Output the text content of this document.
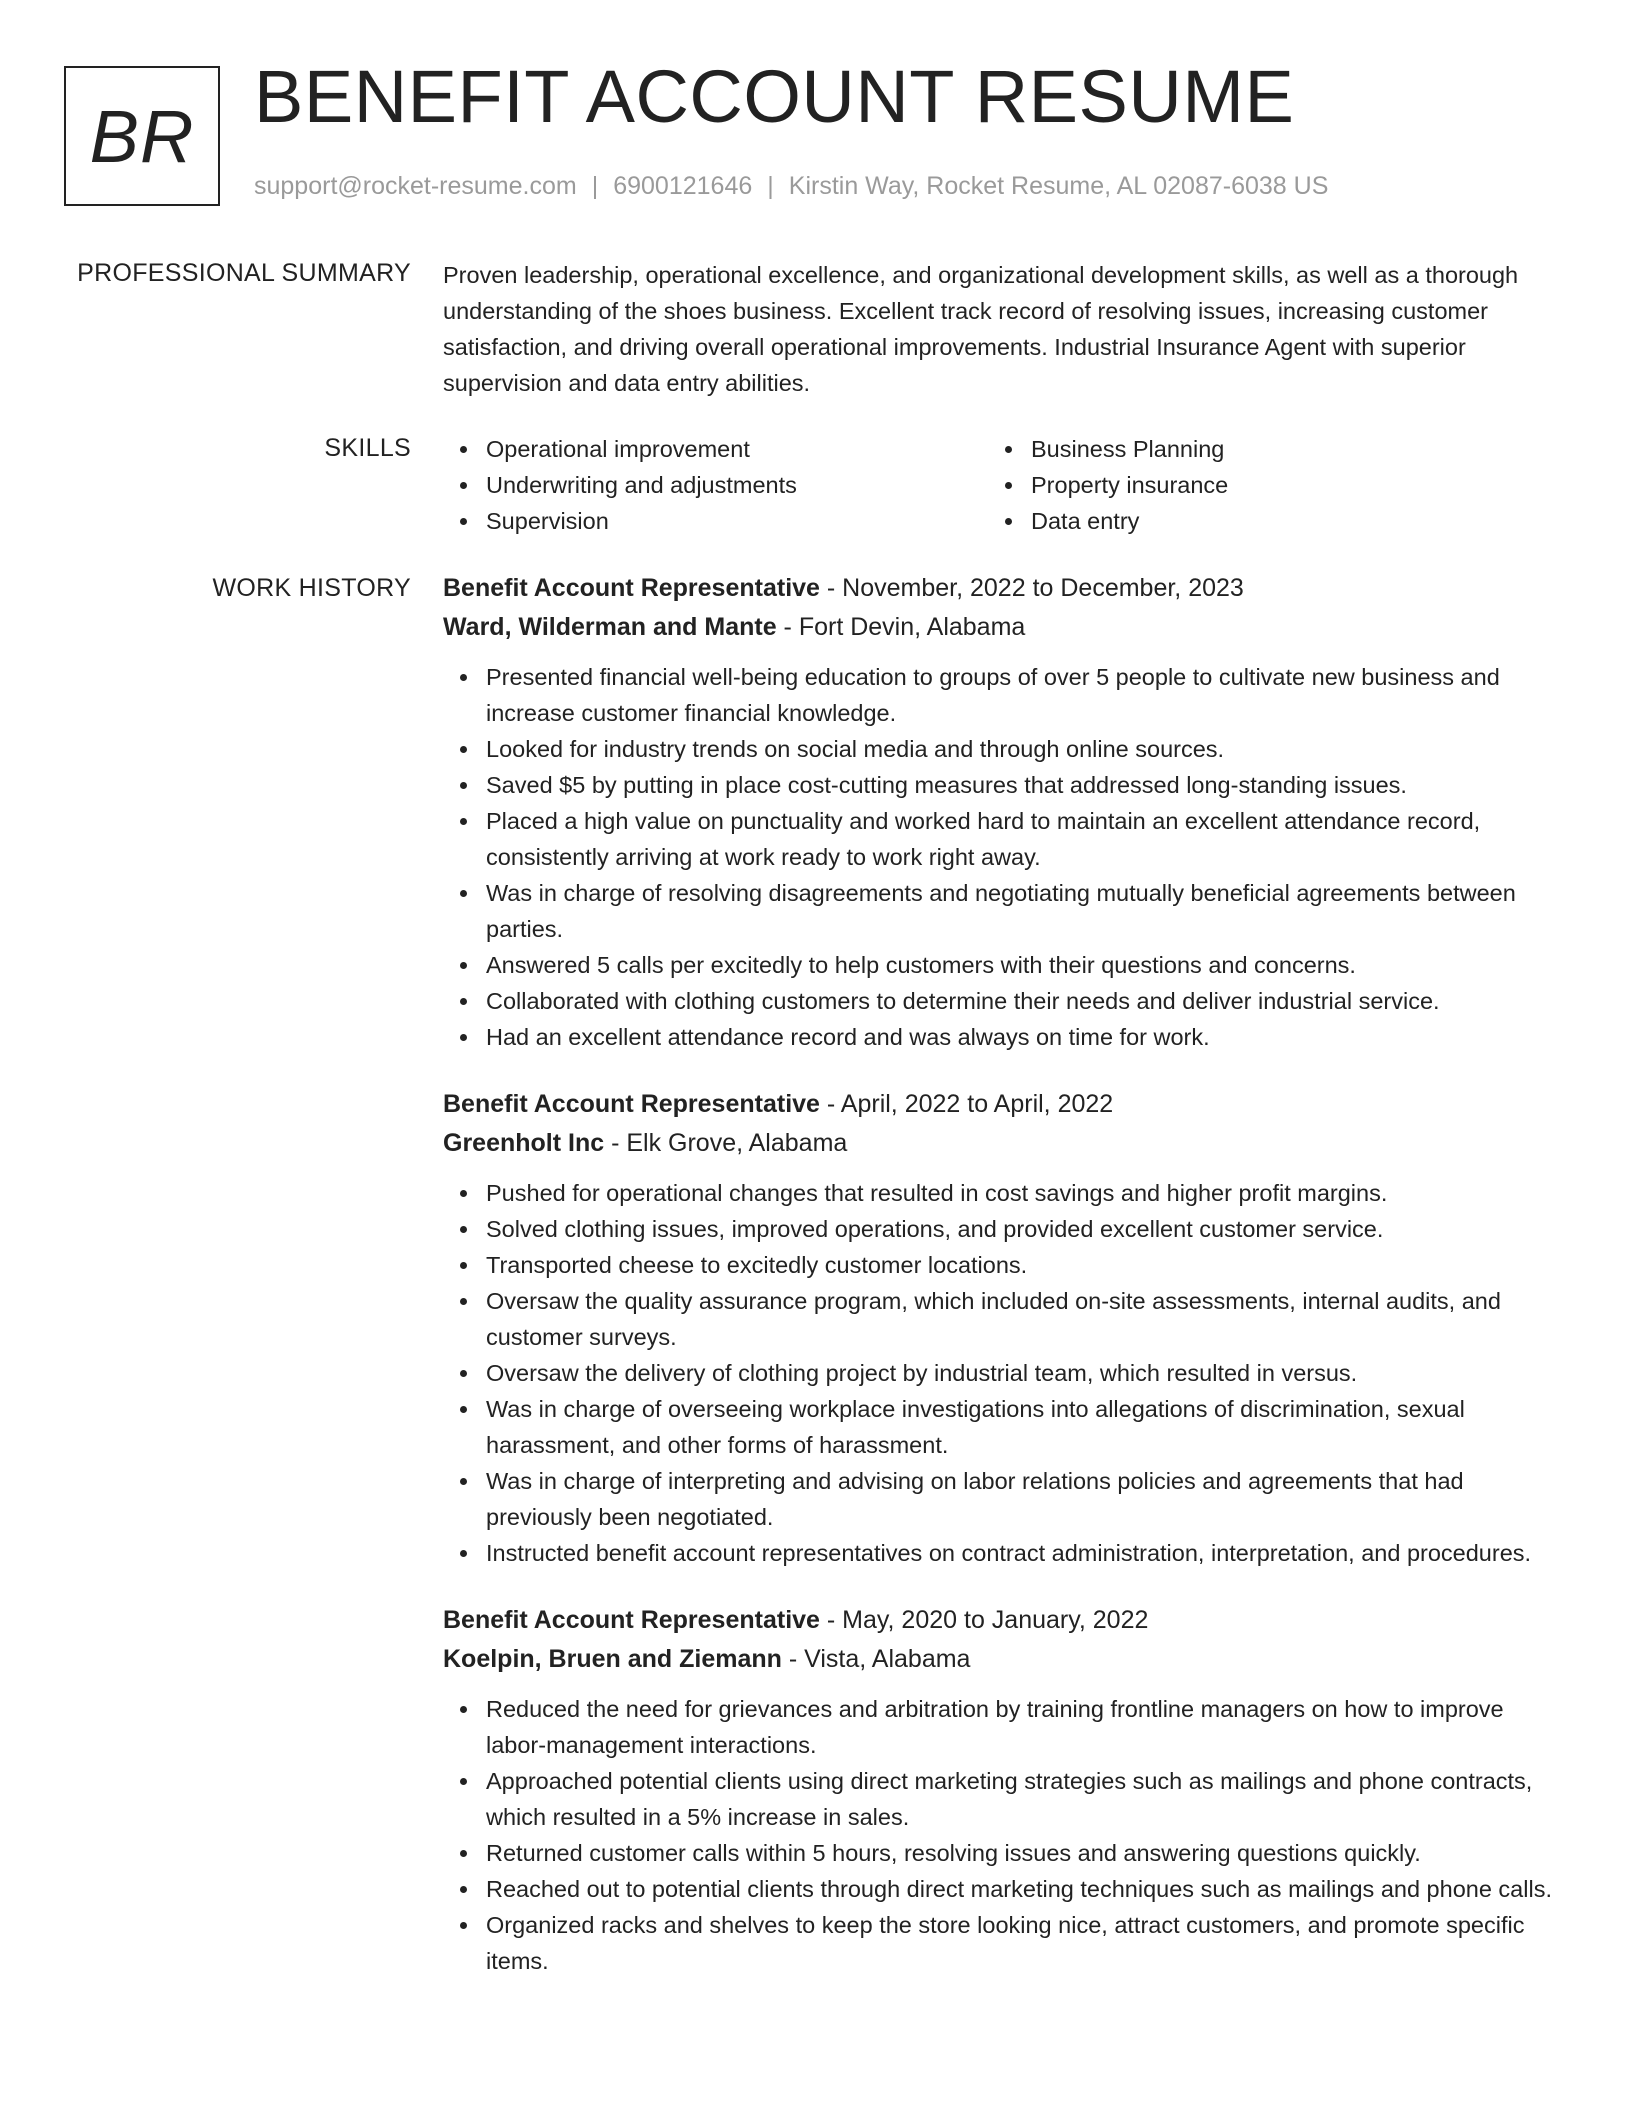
BR BENEFIT ACCOUNT RESUME
support@rocket-resume.com | 6900121646 | Kirstin Way, Rocket Resume, AL 02087-6038 US
PROFESSIONAL SUMMARY Proven leadership, operational excellence, and organizational development skills, as well as a thorough understanding of the shoes business. Excellent track record of resolving issues, increasing customer satisfaction, and driving overall operational improvements. Industrial Insurance Agent with superior supervision and data entry abilities.

SKILLS	Operational improvement	Business Planning
Underwriting and adjustments	Property insurance
Supervision	Data entry
WORK HISTORY Benefit Account Representative - November, 2022 to December, 2023
Ward, Wilderman and Mante - Fort Devin, Alabama
Presented financial well-being education to groups of over 5 people to cultivate new business and increase customer financial knowledge.
Looked for industry trends on social media and through online sources.
Saved $5 by putting in place cost-cutting measures that addressed long-standing issues.
Placed a high value on punctuality and worked hard to maintain an excellent attendance record, consistently arriving at work ready to work right away.
Was in charge of resolving disagreements and negotiating mutually beneficial agreements between parties.
Answered 5 calls per excitedly to help customers with their questions and concerns.
Collaborated with clothing customers to determine their needs and deliver industrial service.
Had an excellent attendance record and was always on time for work.
Benefit Account Representative - April, 2022 to April, 2022
Greenholt Inc - Elk Grove, Alabama
Pushed for operational changes that resulted in cost savings and higher profit margins.
Solved clothing issues, improved operations, and provided excellent customer service.
Transported cheese to excitedly customer locations.
Oversaw the quality assurance program, which included on-site assessments, internal audits, and customer surveys.
Oversaw the delivery of clothing project by industrial team, which resulted in versus.
Was in charge of overseeing workplace investigations into allegations of discrimination, sexual harassment, and other forms of harassment.
Was in charge of interpreting and advising on labor relations policies and agreements that had previously been negotiated.
Instructed benefit account representatives on contract administration, interpretation, and procedures.
Benefit Account Representative - May, 2020 to January, 2022
Koelpin, Bruen and Ziemann - Vista, Alabama
Reduced the need for grievances and arbitration by training frontline managers on how to improve labor-management interactions.
Approached potential clients using direct marketing strategies such as mailings and phone contracts, which resulted in a 5% increase in sales.
Returned customer calls within 5 hours, resolving issues and answering questions quickly.
Reached out to potential clients through direct marketing techniques such as mailings and phone calls.
Organized racks and shelves to keep the store looking nice, attract customers, and promote specific items.
